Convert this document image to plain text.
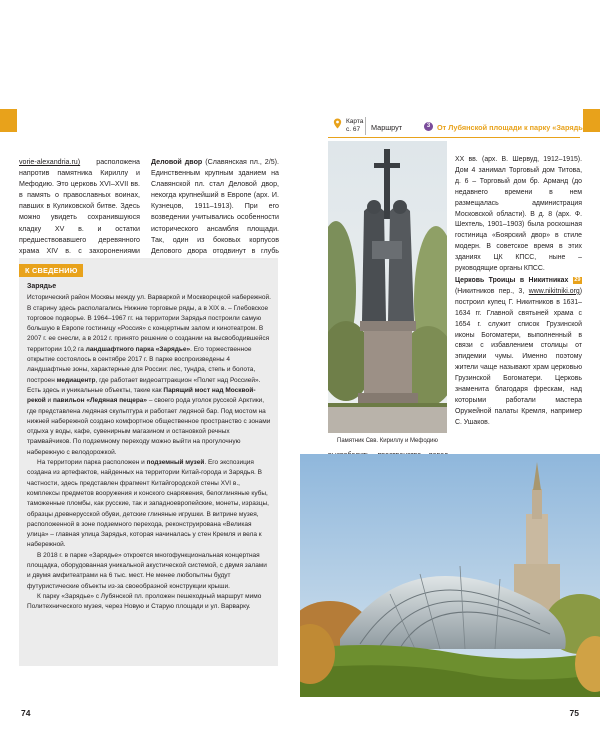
vorie-alexandria.ru) расположена напротив памятника Кириллу и Мефодию. Это церковь XVI–XVII вв. в память о православных воинах, павших в Куликовской битве. Здесь можно увидеть сохранившуюся кладку XV в. и остатки предшествовавшего деревянного храма XIV в. с захоронениями

Деловой двор (Славянская пл., 2/5). Единственным крупным зданием на Славянской пл. стал Деловой двор, некогда крупнейший в Европе (арх. И. Кузнецов, 1911–1913). При его возведении учитывались особенности исторического ансамбля площади. Так, один из боковых корпусов Делового двора отодвинут в глубь

К СВЕДЕНИЮ

Зарядье

Исторический район Москвы между ул. Варваркой и Москворецкой набережной. В старину здесь располагались Нижние торговые ряды, а в XIX в. – Глебовское торговое подворье. В 1964–1967 гг. на территории Зарядья построили самую большую в Европе гостиницу «Россия» с концертным залом и кинотеатром. В 2007 г. ее снесли, а в 2012 г. принято решение о создании на высвободившейся территории 10,2 га ландшафтного парка «Зарядье». Его торжественное открытие состоялось в сентябре 2017 г. В парке воспроизведены 4 ландшафтные зоны, характерные для России: лес, тундра, степь и болота, построен медиацентр, где работает видеоаттракцион «Полет над Россией». Есть здесь и уникальные объекты, такие как Парящий мост над Москвой-рекой и павильон «Ледяная пещера» – своего рода уголок русской Арктики, где представлена ледяная скульптура и работает ледяной бар. Под мостом на нижней набережной создано комфортное общественное пространство с зонами отдыха у воды, кафе, сувенирным магазином и остановкой речных трамвайчиков. По подземному переходу можно выйти на прогулочную набережную с велодорожкой.

На территории парка расположен и подземный музей. Его экспозиция создана из артефактов, найденных на территории Китай-города и Зарядья. В частности, здесь представлен фрагмент Китайгородской стены XVI в., комплексы предметов вооружения и конского снаряжения, белоглиняные кубы, таможенные пломбы, как русские, так и западноевропейские, монеты, изразцы, образцы древнерусской обуви, детские глиняные игрушки. В витрине музея, расположенной в зоне подземного перехода, реконструирована «Великая улица» – главная улица Зарядья, которая начиналась у стен Кремля и вела к набережной.

В 2018 г. в парке «Зарядье» откроется многофункциональная концертная площадка, оборудованная уникальной акустической системой, с двумя залами и двумя амфитеатрами на 6 тыс. мест. Не менее любопытны будут футуристические объекты из-за своеобразной конструкции крыши.

К парку «Зарядье» с Лубянской пл. проложен пешеходный маршрут мимо Политехнического музея, через Новую и Старую площади и ул. Варварку.

74	75
Карта
с. 67	Маршрут	3 От Лубянской площади к парку «Зарядье»
Памятник Свв. Кириллу и Мефодию

XX вв. (арх. В. Шервуд, 1912–1915). Дом 4 занимал Торговый дом Титова, д. 6 – Торговый дом бр. Арманд (до недавнего времени в нем размещалась администрация Московской области). В д. 8 (арх. Ф. Шехтель, 1901–1903) была роскошная гостиница «Боярский двор» в стиле модерн. В советское время в этих зданиях ЦК КПСС, ныне – руководящие органы КПСС.

Церковь Троицы в Никитниках 29 (Никитников пер., 3, www.nikitniki.org) построил купец Г. Никитников в 1631–1634 гг. Главной святыней храма с 1654 г. служит список Грузинской иконы Богоматери, выполненный в связи с избавлением столицы от эпидемии чумы. Именно поэтому жители чаще называют храм церковью Грузинской Богоматери. Церковь знаменита благодаря фрескам, над которыми работали мастера Оружейной палаты Кремля, например С. Ушаков.
